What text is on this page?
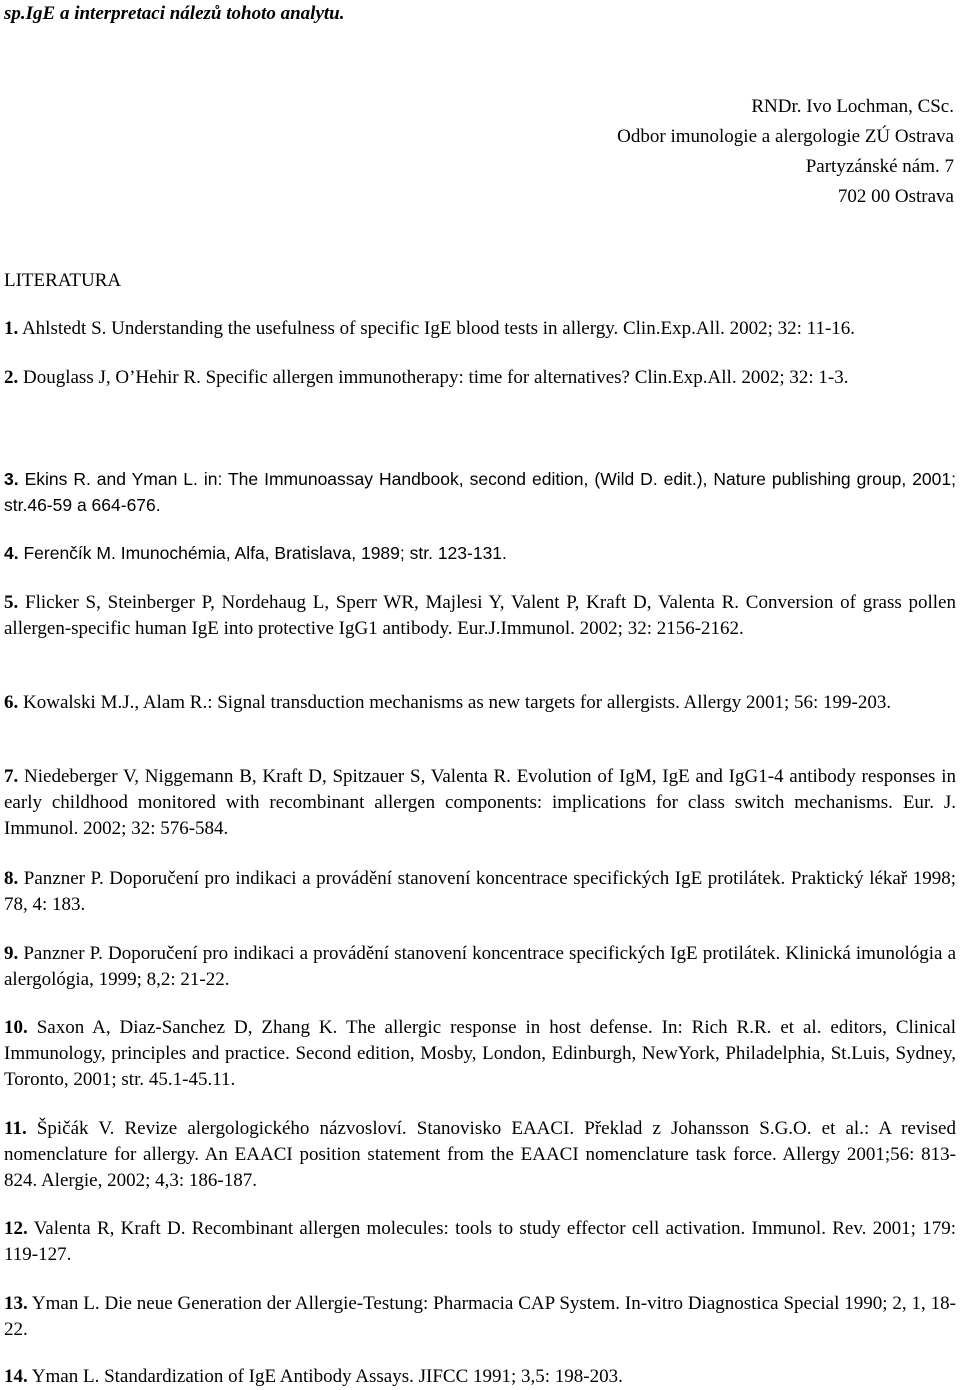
sp.IgE a interpretaci nálezů tohoto analytu.
RNDr. Ivo Lochman, CSc.
Odbor imunologie a alergologie ZÚ Ostrava
Partyzánské nám. 7
702 00 Ostrava
LITERATURA
1. Ahlstedt S. Understanding the usefulness of specific IgE blood tests in allergy. Clin.Exp.All. 2002; 32: 11-16.
2. Douglass J, O’Hehir R. Specific allergen immunotherapy: time for alternatives? Clin.Exp.All. 2002; 32: 1-3.
3. Ekins R. and Yman L. in: The Immunoassay Handbook, second edition, (Wild D. edit.), Nature publishing group, 2001; str.46-59 a 664-676.
4. Ferenčík M. Imunochémia, Alfa, Bratislava, 1989; str. 123-131.
5. Flicker S, Steinberger P, Nordehaug L, Sperr WR, Majlesi Y, Valent P, Kraft D, Valenta R. Conversion of grass pollen allergen-specific human IgE into protective IgG1 antibody. Eur.J.Immunol. 2002; 32: 2156-2162.
6. Kowalski M.J., Alam R.: Signal transduction mechanisms as new targets for allergists. Allergy 2001; 56: 199-203.
7. Niedeberger V, Niggemann B, Kraft D, Spitzauer S, Valenta R. Evolution of IgM, IgE and IgG1-4 antibody responses in early childhood monitored with recombinant allergen components: implications for class switch mechanisms. Eur. J. Immunol. 2002; 32: 576-584.
8. Panzner P. Doporučení pro indikaci a provádění stanovení koncentrace specifických IgE protilátek. Praktický lékař 1998; 78, 4: 183.
9. Panzner P. Doporučení pro indikaci a provádění stanovení koncentrace specifických IgE protilátek. Klinická imunológia a alergológia, 1999; 8,2: 21-22.
10. Saxon A, Diaz-Sanchez D, Zhang K. The allergic response in host defense. In: Rich R.R. et al. editors, Clinical Immunology, principles and practice. Second edition, Mosby, London, Edinburgh, NewYork, Philadelphia, St.Luis, Sydney, Toronto, 2001; str. 45.1-45.11.
11. Špičák V. Revize alergologického názvosloví. Stanovisko EAACI. Překlad z Johansson S.G.O. et al.: A revised nomenclature for allergy. An EAACI position statement from the EAACI nomenclature task force. Allergy 2001;56: 813-824. Alergie, 2002; 4,3: 186-187.
12. Valenta R, Kraft D. Recombinant allergen molecules: tools to study effector cell activation. Immunol. Rev. 2001; 179: 119-127.
13. Yman L. Die neue Generation der Allergie-Testung: Pharmacia CAP System. In-vitro Diagnostica Special 1990; 2, 1, 18-22.
14. Yman L. Standardization of IgE Antibody Assays. JIFCC 1991; 3,5: 198-203.
